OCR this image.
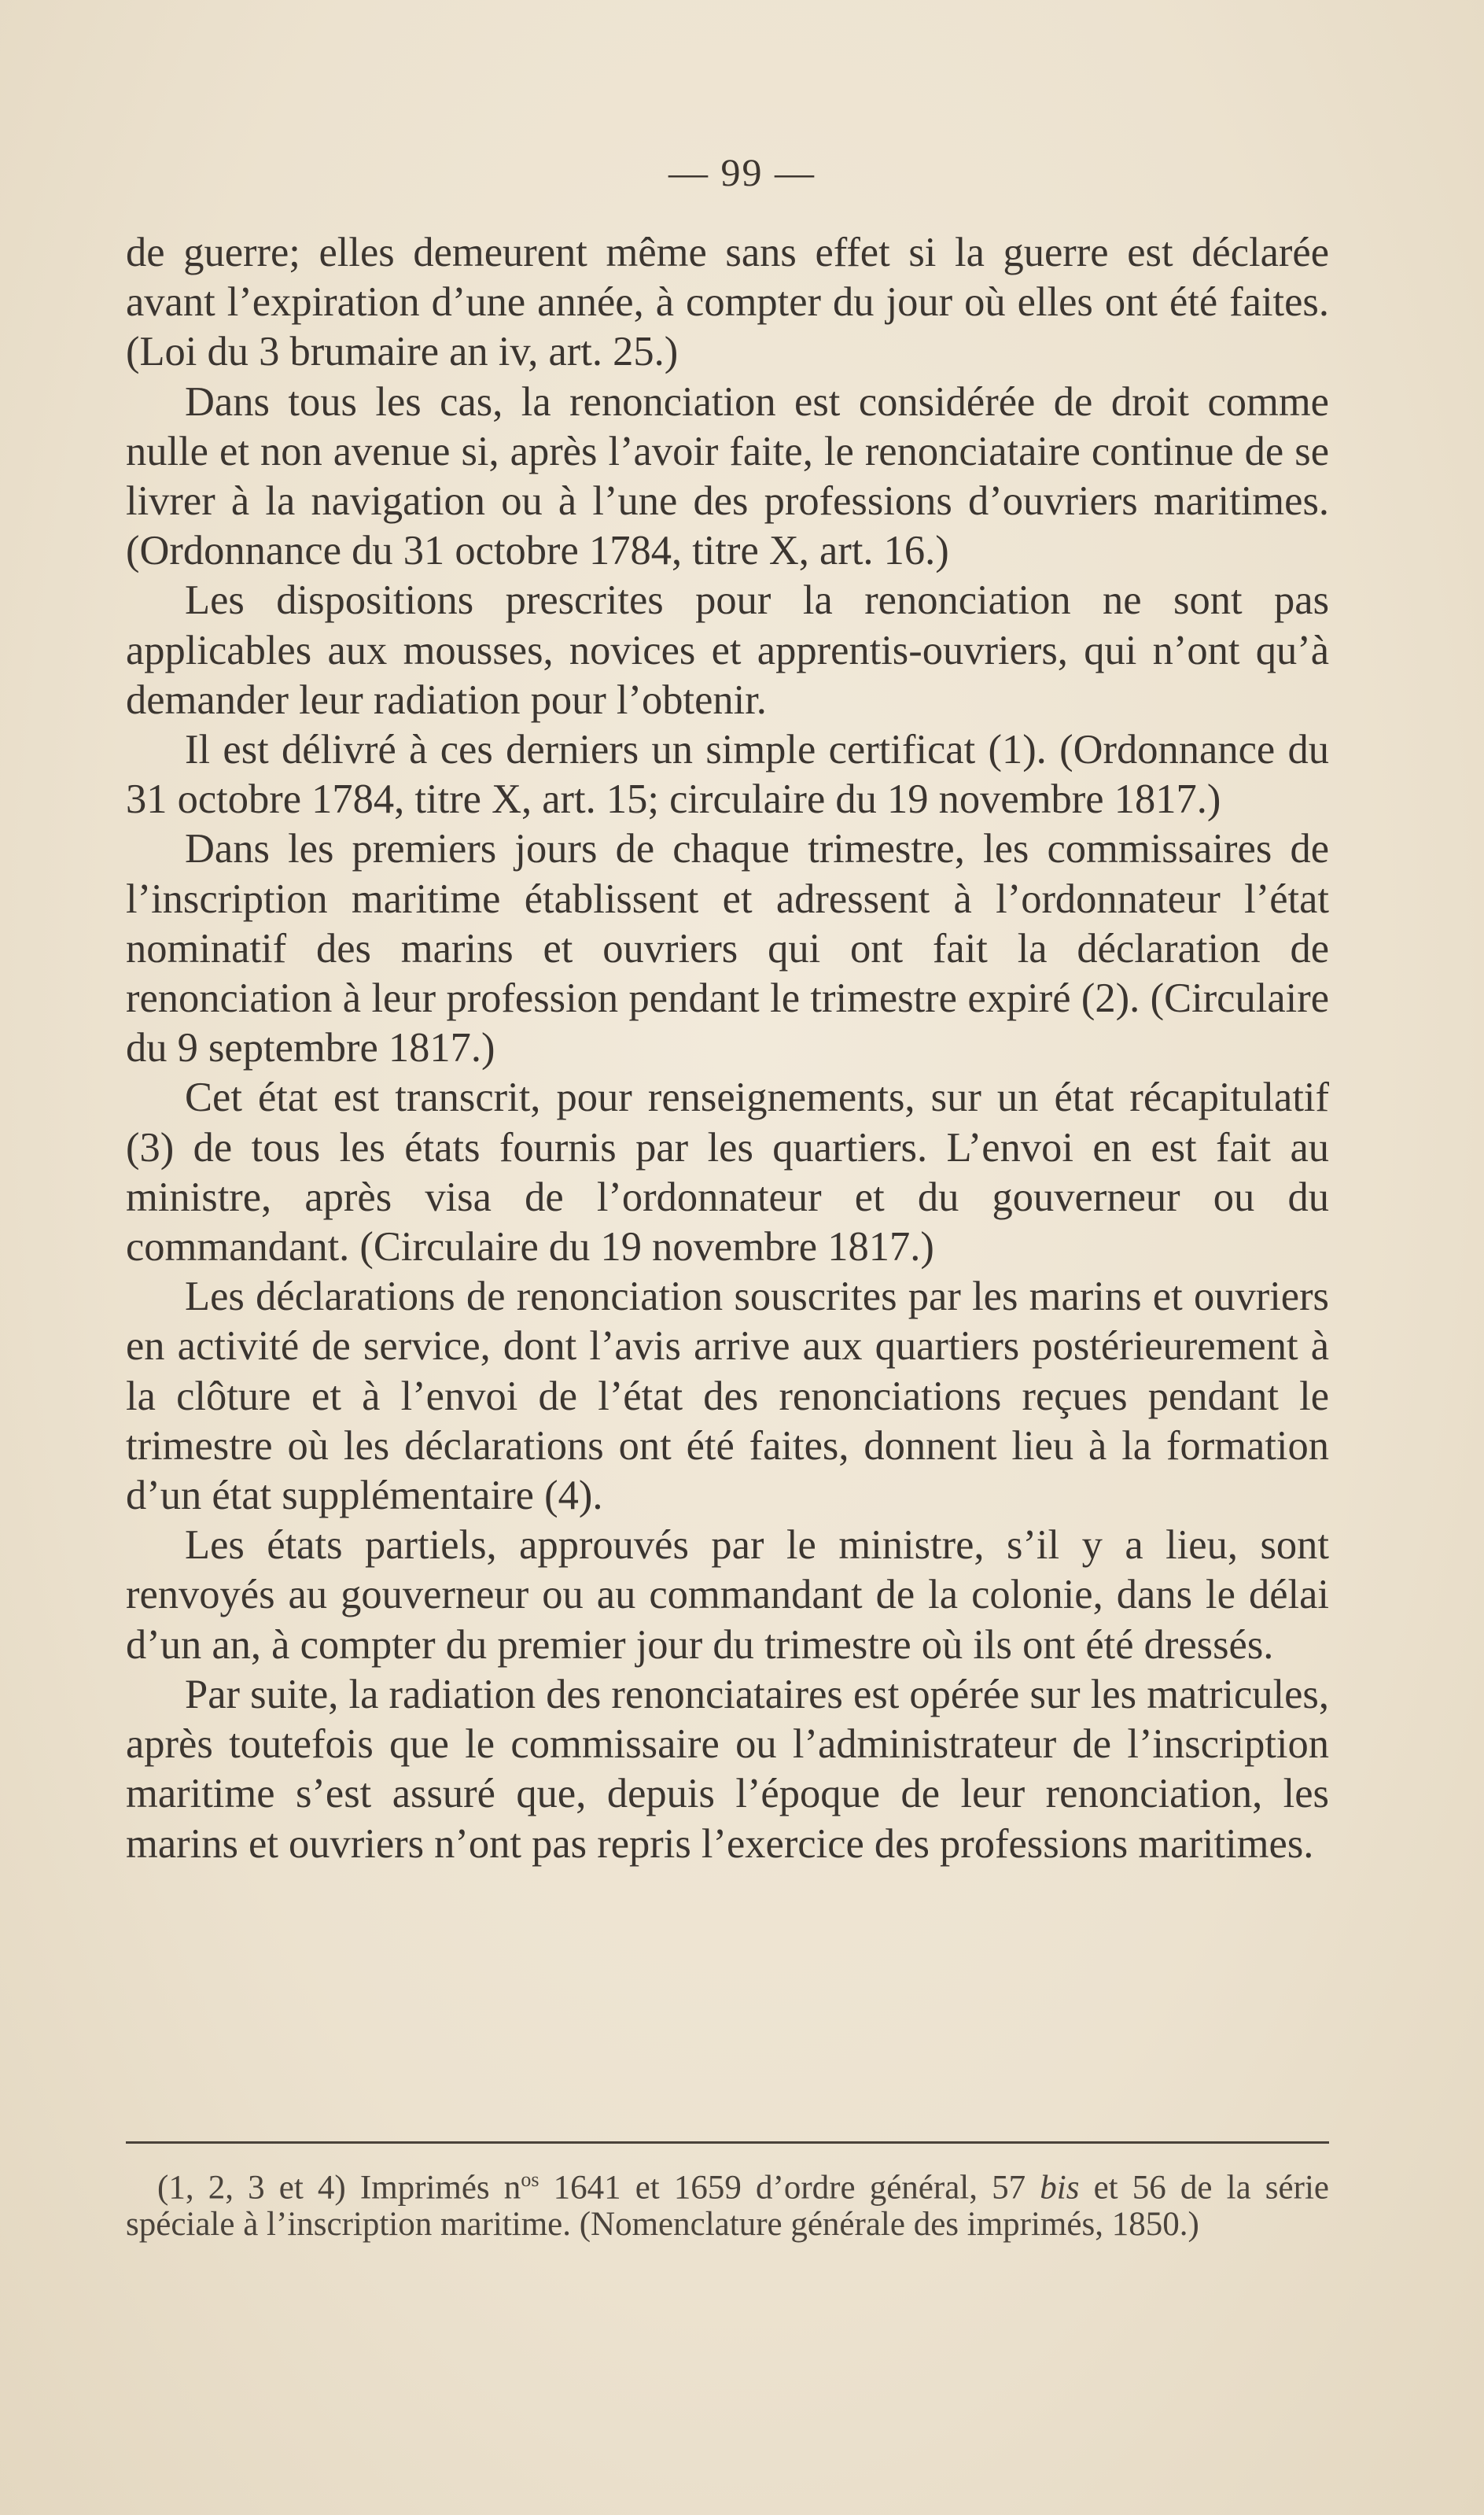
— 99 —

de guerre; elles demeurent même sans effet si la guerre est déclarée avant l’expiration d’une année, à compter du jour où elles ont été faites. (Loi du 3 brumaire an iv, art. 25.)

Dans tous les cas, la renonciation est considérée de droit comme nulle et non avenue si, après l’avoir faite, le renonciataire continue de se livrer à la navigation ou à l’une des professions d’ouvriers maritimes. (Ordonnance du 31 octobre 1784, titre X, art. 16.)

Les dispositions prescrites pour la renonciation ne sont pas applicables aux mousses, novices et apprentis-ouvriers, qui n’ont qu’à demander leur radiation pour l’obtenir.

Il est délivré à ces derniers un simple certificat (1). (Ordonnance du 31 octobre 1784, titre X, art. 15; circulaire du 19 novembre 1817.)

Dans les premiers jours de chaque trimestre, les commissaires de l’inscription maritime établissent et adressent à l’ordonnateur l’état nominatif des marins et ouvriers qui ont fait la déclaration de renonciation à leur profession pendant le trimestre expiré (2). (Circulaire du 9 septembre 1817.)

Cet état est transcrit, pour renseignements, sur un état récapitulatif (3) de tous les états fournis par les quartiers. L’envoi en est fait au ministre, après visa de l’ordonnateur et du gouverneur ou du commandant. (Circulaire du 19 novembre 1817.)

Les déclarations de renonciation souscrites par les marins et ouvriers en activité de service, dont l’avis arrive aux quartiers postérieurement à la clôture et à l’envoi de l’état des renonciations reçues pendant le trimestre où les déclarations ont été faites, donnent lieu à la formation d’un état supplémentaire (4).

Les états partiels, approuvés par le ministre, s’il y a lieu, sont renvoyés au gouverneur ou au commandant de la colonie, dans le délai d’un an, à compter du premier jour du trimestre où ils ont été dressés.

Par suite, la radiation des renonciataires est opérée sur les matricules, après toutefois que le commissaire ou l’administrateur de l’inscription maritime s’est assuré que, depuis l’époque de leur renonciation, les marins et ouvriers n’ont pas repris l’exercice des professions maritimes.

(1, 2, 3 et 4) Imprimés $n^{os}$ 1641 et 1659 d’ordre général, 57 bis et 56 de la série spéciale à l’inscription maritime. (Nomenclature générale des imprimés, 1850.)
